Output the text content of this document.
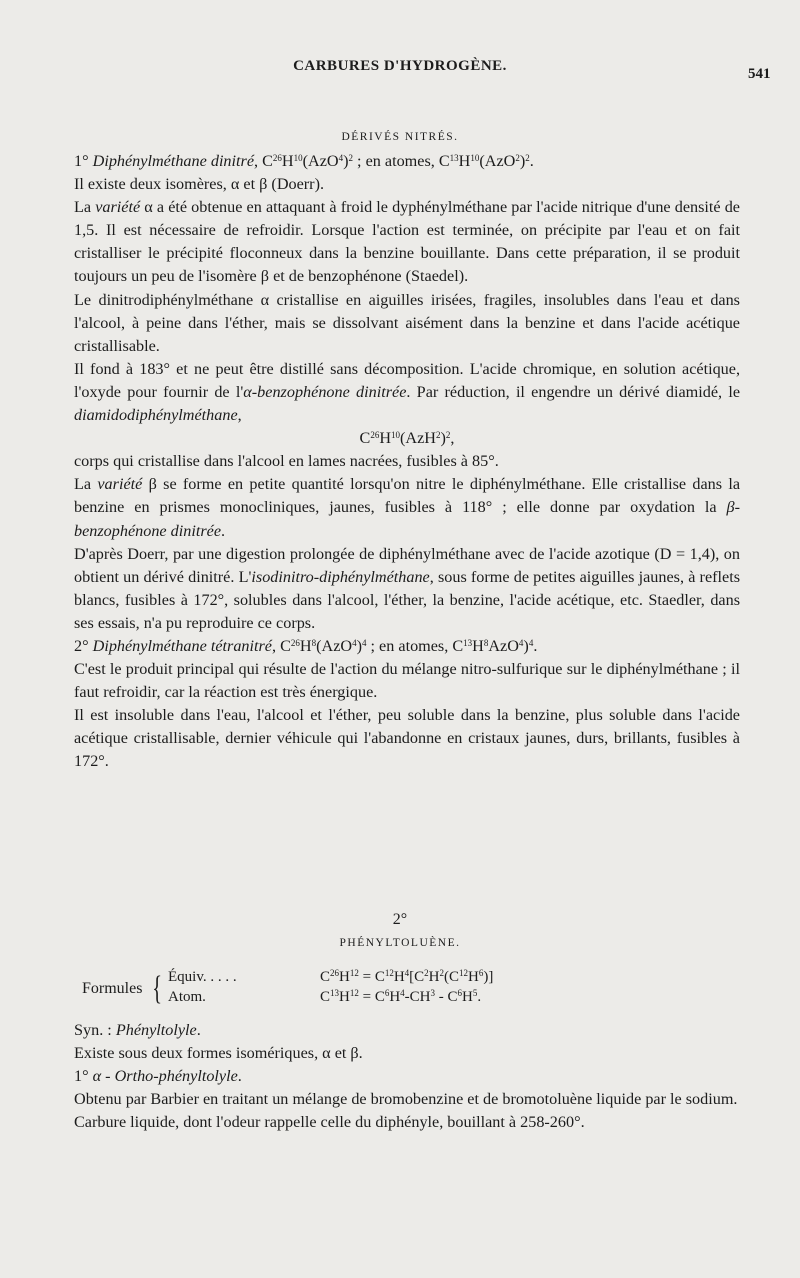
CARBURES D'HYDROGÈNE.	541
DÉRIVÉS NITRÉS.

1° Diphénylméthane dinitré, $C^{26}H^{10}(AzO^4)^2$ ; en atomes, $C^{13}H^{10}(AzO^2)^2$.

Il existe deux isomères, α et β (Doerr).

La variété α a été obtenue en attaquant à froid le dyphénylméthane par l'acide nitrique d'une densité de 1,5. Il est nécessaire de refroidir. Lorsque l'action est terminée, on précipite par l'eau et on fait cristalliser le précipité floconneux dans la benzine bouillante. Dans cette préparation, il se produit toujours un peu de l'isomère β et de benzophénone (Staedel).

Le dinitrodiphénylméthane α cristallise en aiguilles irisées, fragiles, insolubles dans l'eau et dans l'alcool, à peine dans l'éther, mais se dissolvant aisément dans la benzine et dans l'acide acétique cristallisable.

Il fond à 183° et ne peut être distillé sans décomposition. L'acide chromique, en solution acétique, l'oxyde pour fournir de l'α-benzophénone dinitrée. Par réduction, il engendre un dérivé diamidé, le diamidodiphénylméthane,

$C^{26}H^{10}(AzH^2)^2$,

corps qui cristallise dans l'alcool en lames nacrées, fusibles à 85°.

La variété β se forme en petite quantité lorsqu'on nitre le diphénylméthane. Elle cristallise dans la benzine en prismes monocliniques, jaunes, fusibles à 118° ; elle donne par oxydation la β-benzophénone dinitrée.

D'après Doerr, par une digestion prolongée de diphénylméthane avec de l'acide azotique (D = 1,4), on obtient un dérivé dinitré. L'isodinitro-diphénylméthane, sous forme de petites aiguilles jaunes, à reflets blancs, fusibles à 172°, solubles dans l'alcool, l'éther, la benzine, l'acide acétique, etc. Staedler, dans ses essais, n'a pu reproduire ce corps.

2° Diphénylméthane tétranitré, $C^{26}H^8(AzO^4)^4$ ; en atomes, $C^{13}H^8AzO^4)^4$.

C'est le produit principal qui résulte de l'action du mélange nitro-sulfurique sur le diphénylméthane ; il faut refroidir, car la réaction est très énergique.

Il est insoluble dans l'eau, l'alcool et l'éther, peu soluble dans la benzine, plus soluble dans l'acide acétique cristallisable, dernier véhicule qui l'abandonne en cristaux jaunes, durs, brillants, fusibles à 172°.

2°
PHÉNYLTOLUÈNE.
Formules { Équiv. . . . .
Atom.
$C^{26}H^{12} = C^{12}H^4[C^2H^2(C^{12}H^6)]$
$C^{13}H^{12} = C^6H^4-CH^3 - C^6H^5$.

Syn. : Phényltolyle.

Existe sous deux formes isomériques, α et β.

1° α - Ortho-phényltolyle.

Obtenu par Barbier en traitant un mélange de bromobenzine et de bromotoluène liquide par le sodium.

Carbure liquide, dont l'odeur rappelle celle du diphényle, bouillant à 258-260°.
